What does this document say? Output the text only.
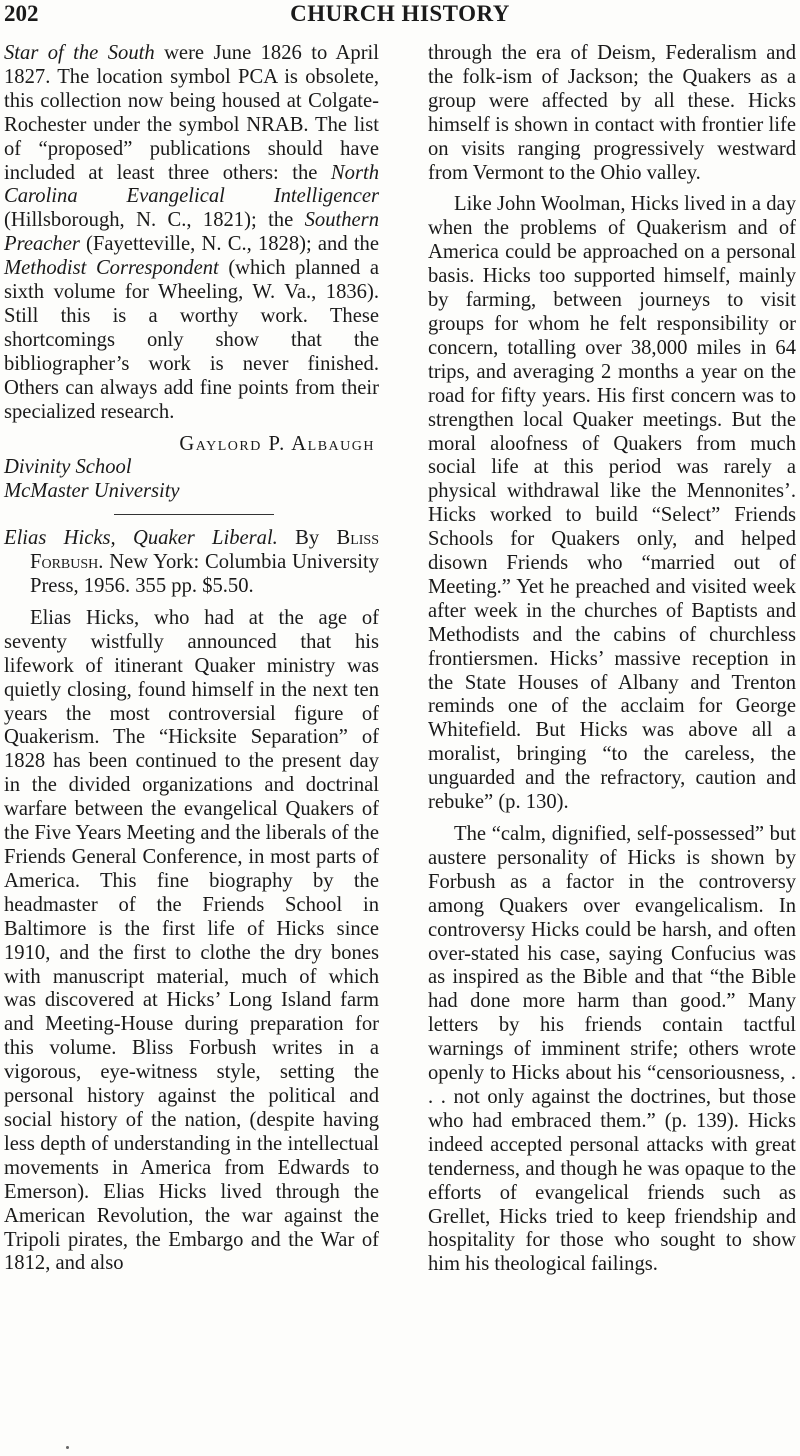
202	CHURCH HISTORY

Star of the South were June 1826 to April 1827. The location symbol PCA is obsolete, this collection now being housed at Colgate-Rochester under the symbol NRAB. The list of “proposed” publications should have included at least three others: the North Carolina Evangelical Intelligencer (Hillsborough, N. C., 1821); the Southern Preacher (Fayetteville, N. C., 1828); and the Methodist Correspondent (which planned a sixth volume for Wheeling, W. Va., 1836). Still this is a worthy work. These shortcomings only show that the bibliographer’s work is never finished. Others can always add fine points from their specialized research.

Gaylord P. Albaugh

Divinity School

McMaster University

Elias Hicks, Quaker Liberal. By Bliss Forbush. New York: Columbia University Press, 1956. 355 pp. $5.50.

Elias Hicks, who had at the age of seventy wistfully announced that his lifework of itinerant Quaker ministry was quietly closing, found himself in the next ten years the most controversial figure of Quakerism. The “Hicksite Separation” of 1828 has been continued to the present day in the divided organizations and doctrinal warfare between the evangelical Quakers of the Five Years Meeting and the liberals of the Friends General Conference, in most parts of America. This fine biography by the headmaster of the Friends School in Baltimore is the first life of Hicks since 1910, and the first to clothe the dry bones with manuscript material, much of which was discovered at Hicks’ Long Island farm and Meeting-House during preparation for this volume. Bliss Forbush writes in a vigorous, eye-witness style, setting the personal history against the political and social history of the nation, (despite having less depth of understanding in the intellectual movements in America from Edwards to Emerson). Elias Hicks lived through the American Revolution, the war against the Tripoli pirates, the Embargo and the War of 1812, and also

through the era of Deism, Federalism and the folk-ism of Jackson; the Quakers as a group were affected by all these. Hicks himself is shown in contact with frontier life on visits ranging progressively westward from Vermont to the Ohio valley.

Like John Woolman, Hicks lived in a day when the problems of Quakerism and of America could be approached on a personal basis. Hicks too supported himself, mainly by farming, between journeys to visit groups for whom he felt responsibility or concern, totalling over 38,000 miles in 64 trips, and averaging 2 months a year on the road for fifty years. His first concern was to strengthen local Quaker meetings. But the moral aloofness of Quakers from much social life at this period was rarely a physical withdrawal like the Mennonites’. Hicks worked to build “Select” Friends Schools for Quakers only, and helped disown Friends who “married out of Meeting.” Yet he preached and visited week after week in the churches of Baptists and Methodists and the cabins of churchless frontiersmen. Hicks’ massive reception in the State Houses of Albany and Trenton reminds one of the acclaim for George Whitefield. But Hicks was above all a moralist, bringing “to the careless, the unguarded and the refractory, caution and rebuke” (p. 130).

The “calm, dignified, self-possessed” but austere personality of Hicks is shown by Forbush as a factor in the controversy among Quakers over evangelicalism. In controversy Hicks could be harsh, and often over-stated his case, saying Confucius was as inspired as the Bible and that “the Bible had done more harm than good.” Many letters by his friends contain tactful warnings of imminent strife; others wrote openly to Hicks about his “censoriousness, . . . not only against the doctrines, but those who had embraced them.” (p. 139). Hicks indeed accepted personal attacks with great tenderness, and though he was opaque to the efforts of evangelical friends such as Grellet, Hicks tried to keep friendship and hospitality for those who sought to show him his theological failings.
